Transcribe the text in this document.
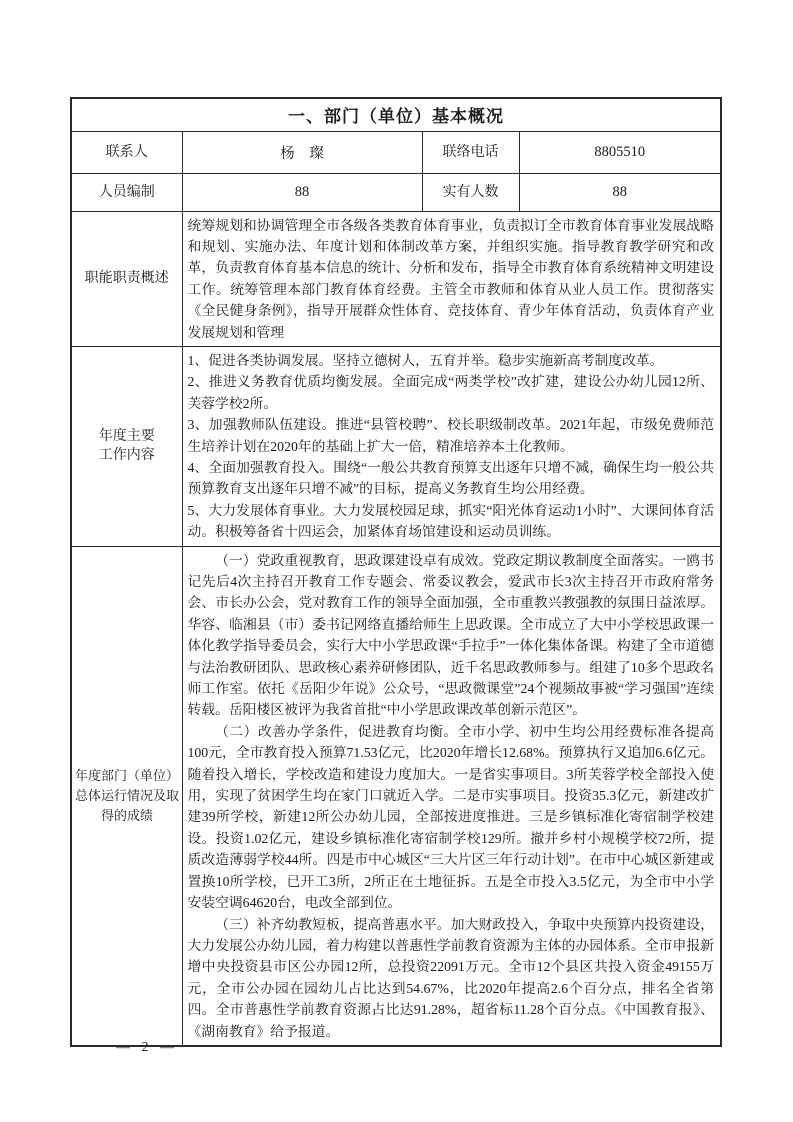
一、部门（单位）基本概况			
联系人	杨　璨	联络电话	8805510
人员编制	88	实有人数	88
职能职责概述	统筹规划和协调管理全市各级各类教育体育事业，负责拟订全市教育体育事业发展战略和规划、实施办法、年度计划和体制改革方案，并组织实施。指导教育教学研究和改革，负责教育体育基本信息的统计、分析和发布，指导全市教育体育系统精神文明建设工作。统筹管理本部门教育体育经费。主管全市教师和体育从业人员工作。贯彻落实《全民健身条例》，指导开展群众性体育、竞技体育、青少年体育活动，负责体育产业发展规划和管理		

年度主要工作内容	1、促进各类协调发展。坚持立德树人，五育并举。稳步实施新高考制度改革。
2、推进义务教育优质均衡发展。全面完成“两类学校”改扩建，建设公办幼儿园12所、芙蓉学校2所。
3、加强教师队伍建设。推进“县管校聘”、校长职级制改革。2021年起，市级免费师范生培养计划在2020年的基础上扩大一倍，精准培养本土化教师。
4、全面加强教育投入。围绕“一般公共教育预算支出逐年只增不减，确保生均一般公共预算教育支出逐年只增不减”的目标，提高义务教育生均公用经费。
5、大力发展体育事业。大力发展校园足球，抓实“阳光体育运动1小时”、大课间体育活动。积极筹备省十四运会，加紧体育场馆建设和运动员训练。		

年度部门（单位）总体运行情况及取得的成绩	（一）党政重视教育，思政课建设卓有成效。党政定期议教制度全面落实。一鸥书记先后4次主持召开教育工作专题会、常委议教会，爱武市长3次主持召开市政府常务会、市长办公会，党对教育工作的领导全面加强，全市重教兴教强教的氛围日益浓厚。华容、临湘县（市）委书记网络直播给师生上思政课。全市成立了大中小学校思政课一体化教学指导委员会，实行大中小学思政课“手拉手”一体化集体备课。构建了全市道德与法治教研团队、思政核心素养研修团队，近千名思政教师参与。组建了10多个思政名师工作室。依托《岳阳少年说》公众号，“思政微课堂”24个视频故事被“学习强国”连续转载。岳阳楼区被评为我省首批“中小学思政课改革创新示范区”。
（二）改善办学条件，促进教育均衡。全市小学、初中生均公用经费标准各提高100元，全市教育投入预算71.53亿元，比2020年增长12.68%。预算执行又追加6.6亿元。随着投入增长，学校改造和建设力度加大。一是省实事项目。3所芙蓉学校全部投入使用，实现了贫困学生均在家门口就近入学。二是市实事项目。投资35.3亿元，新建改扩建39所学校，新建12所公办幼儿园，全部按进度推进。三是乡镇标准化寄宿制学校建设。投资1.02亿元，建设乡镇标准化寄宿制学校129所。撤并乡村小规模学校72所，提质改造薄弱学校44所。四是市中心城区“三大片区三年行动计划”。在市中心城区新建或置换10所学校，已开工3所，2所正在土地征拆。五是全市投入3.5亿元，为全市中小学安装空调64620台，电改全部到位。
（三）补齐幼教短板，提高普惠水平。加大财政投入，争取中央预算内投资建设，大力发展公办幼儿园，着力构建以普惠性学前教育资源为主体的办园体系。全市申报新增中央投资县市区公办园12所，总投资22091万元。全市12个县区共投入资金49155万元，全市公办园在园幼儿占比达到54.67%，比2020年提高2.6个百分点，排名全省第四。全市普惠性学前教育资源占比达91.28%，超省标11.28个百分点。《中国教育报》、《湖南教育》给予报道。		
— 2 —
